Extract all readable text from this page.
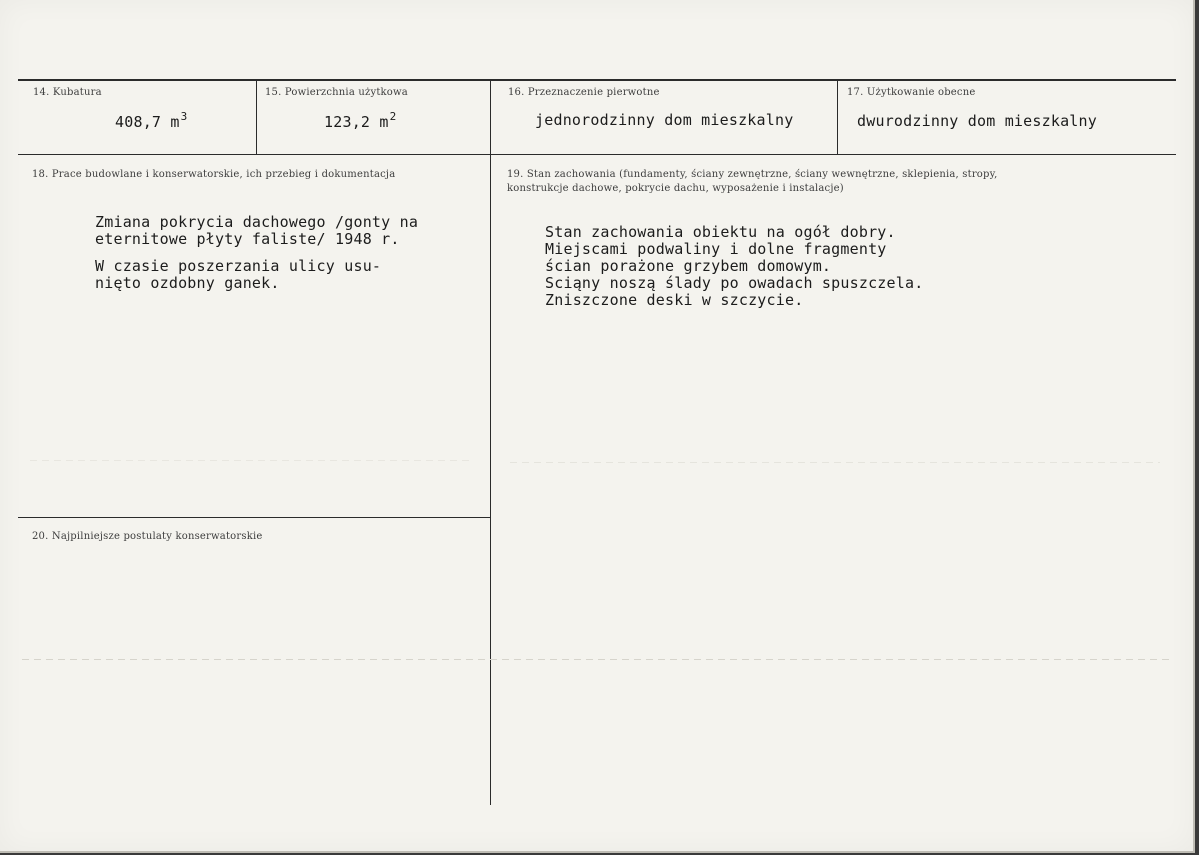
14. Kubatura
408,7 $m^3$
15. Powierzchnia użytkowa
123,2 $m^2$
16. Przeznaczenie pierwotne
jednorodzinny dom mieszkalny
17. Użytkowanie obecne
dwurodzinny dom mieszkalny
18. Prace budowlane i konserwatorskie, ich przebieg i dokumentacja
Zmiana pokrycia dachowego /gonty na
eternitowe płyty faliste/ 1948 r.
W czasie poszerzania ulicy usu-
nięto ozdobny ganek.
19. Stan zachowania (fundamenty, ściany zewnętrzne, ściany wewnętrzne, sklepienia, stropy,
konstrukcje dachowe, pokrycie dachu, wyposażenie i instalacje)
Stan zachowania obiektu na ogół dobry.
Miejscami podwaliny i dolne fragmenty
ścian porażone grzybem domowym.
Sciąny noszą ślady po owadach spuszczela.
Zniszczone deski w szczycie.
20. Najpilniejsze postulaty konserwatorskie
